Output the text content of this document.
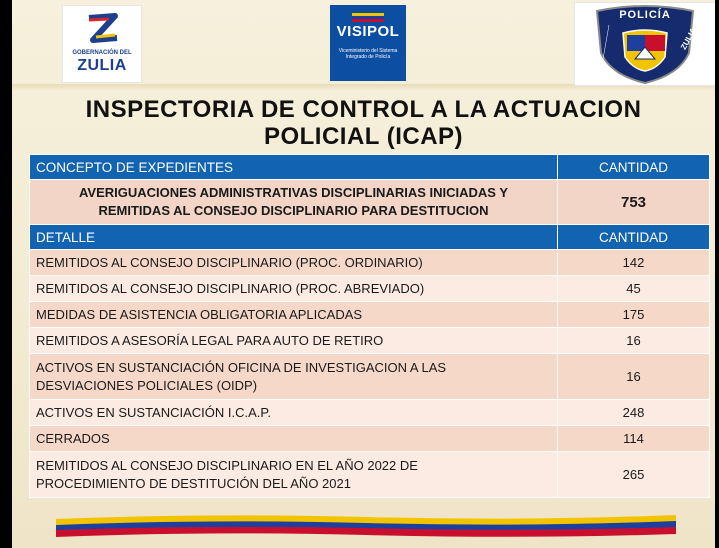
GOBERNACIÓN DEL
ZULIA
VISIPOL
Viceministerio del Sistema Integrado de Policía
POLICÍA
BOLIVARIANA
ZULIA
INSPECTORIA DE CONTROL A LA ACTUACION
POLICIAL (ICAP)
CONCEPTO DE EXPEDIENTES	CANTIDAD

AVERIGUACIONES ADMINISTRATIVAS DISCIPLINARIAS INICIADAS Y
REMITIDAS AL CONSEJO DISCIPLINARIO PARA DESTITUCION	753
DETALLE	CANTIDAD
REMITIDOS AL CONSEJO DISCIPLINARIO (PROC. ORDINARIO)	142
REMITIDOS AL CONSEJO DISCIPLINARIO (PROC. ABREVIADO)	45
MEDIDAS DE ASISTENCIA OBLIGATORIA APLICADAS	175
REMITIDOS A ASESORÍA LEGAL PARA AUTO DE RETIRO	16

ACTIVOS EN SUSTANCIACIÓN OFICINA DE INVESTIGACION A LAS
DESVIACIONES POLICIALES (OIDP)	16
ACTIVOS EN SUSTANCIACIÓN I.C.A.P.	248
CERRADOS	114

REMITIDOS AL CONSEJO DISCIPLINARIO EN EL AÑO 2022 DE
PROCEDIMIENTO DE DESTITUCIÓN DEL AÑO 2021	265
